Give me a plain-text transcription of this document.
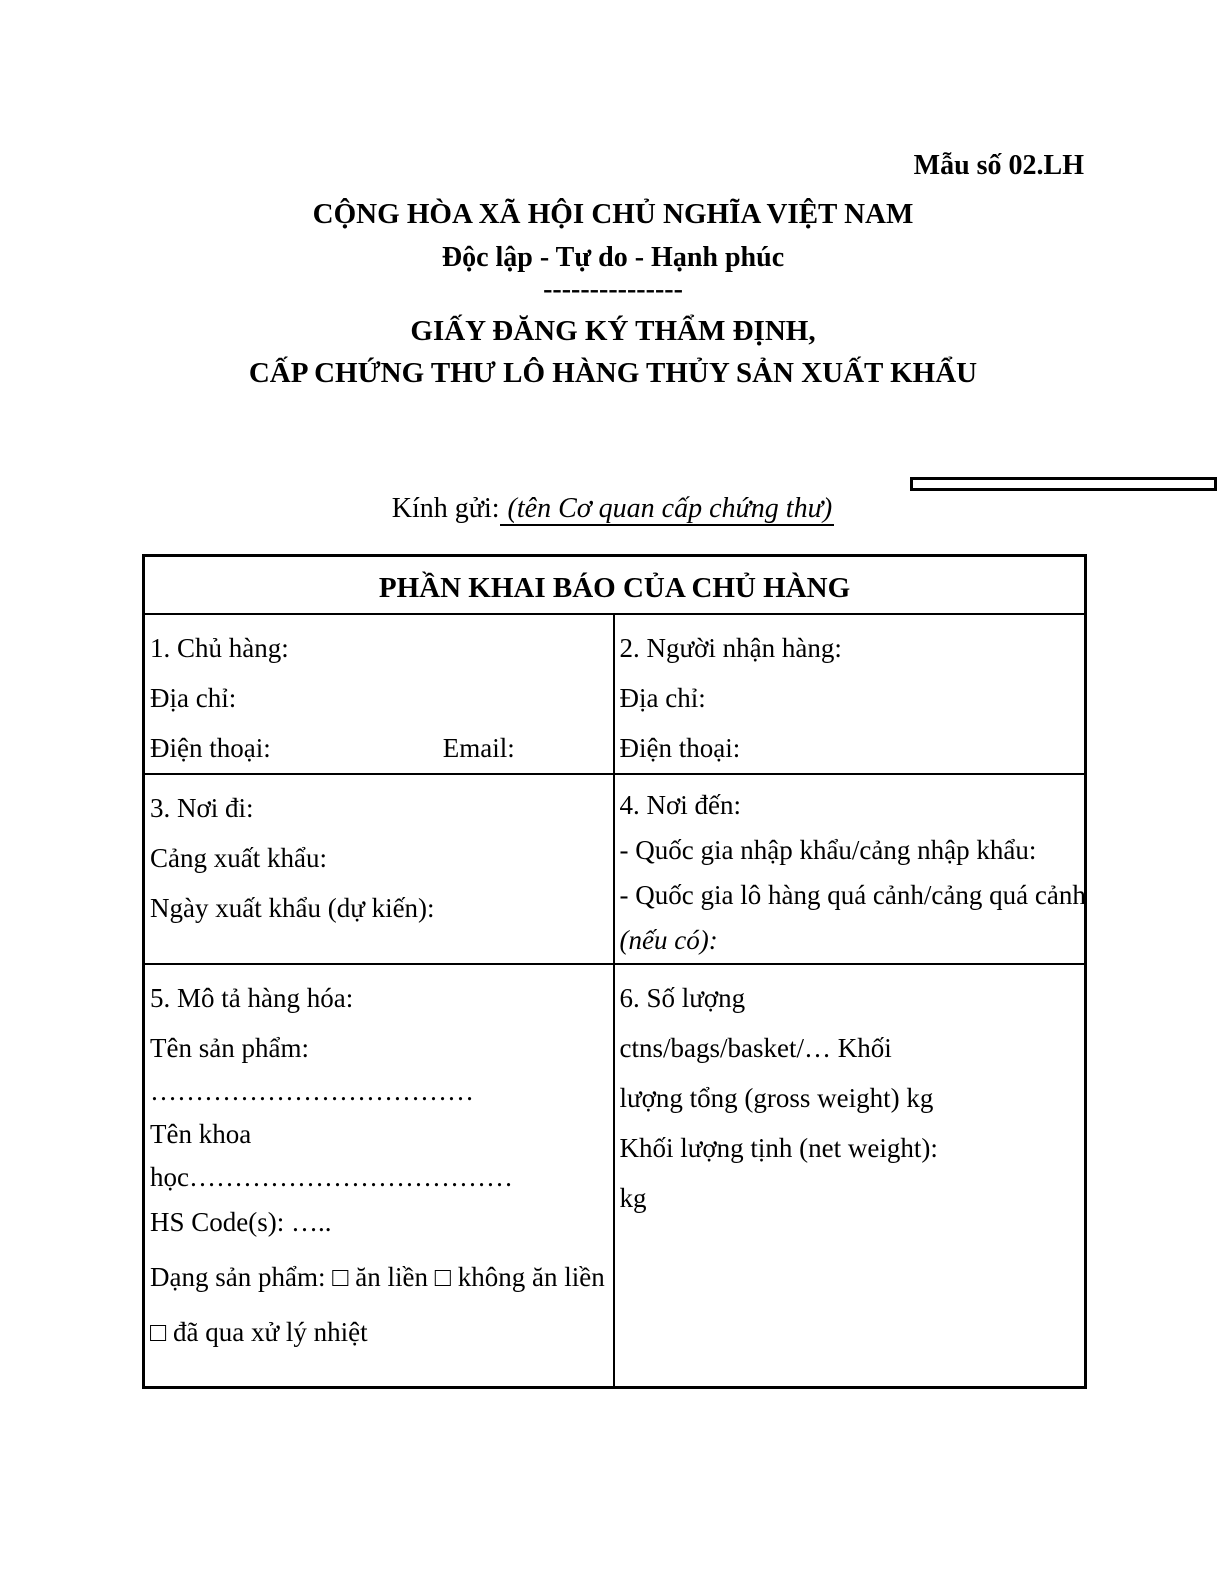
Mẫu số 02.LH
CỘNG HÒA XÃ HỘI CHỦ NGHĨA VIỆT NAM
Độc lập - Tự do - Hạnh phúc
---------------
GIẤY ĐĂNG KÝ THẨM ĐỊNH,
CẤP CHỨNG THƯ LÔ HÀNG THỦY SẢN XUẤT KHẨU
Kính gửi: (tên Cơ quan cấp chứng thư)
PHẦN KHAI BÁO CỦA CHỦ HÀNG	

1. Chủ hàng:
Địa chỉ:
Điện thoại:	Email:

2. Người nhận hàng:
Địa chỉ:
Điện thoại:

3. Nơi đi:
Cảng xuất khẩu:
Ngày xuất khẩu (dự kiến):

4. Nơi đến:
- Quốc gia nhập khẩu/cảng nhập khẩu:
- Quốc gia lô hàng quá cảnh/cảng quá cảnh
(nếu có):

5. Mô tả hàng hóa:
Tên sản phẩm:
………………………………
Tên khoa
học………………………………
HS Code(s): …..
Dạng sản phẩm: □ ăn liền □ không ăn liền
□ đã qua xử lý nhiệt

6. Số lượng
ctns/bags/basket/… Khối
lượng tổng (gross weight) kg
Khối lượng tịnh (net weight):
kg
